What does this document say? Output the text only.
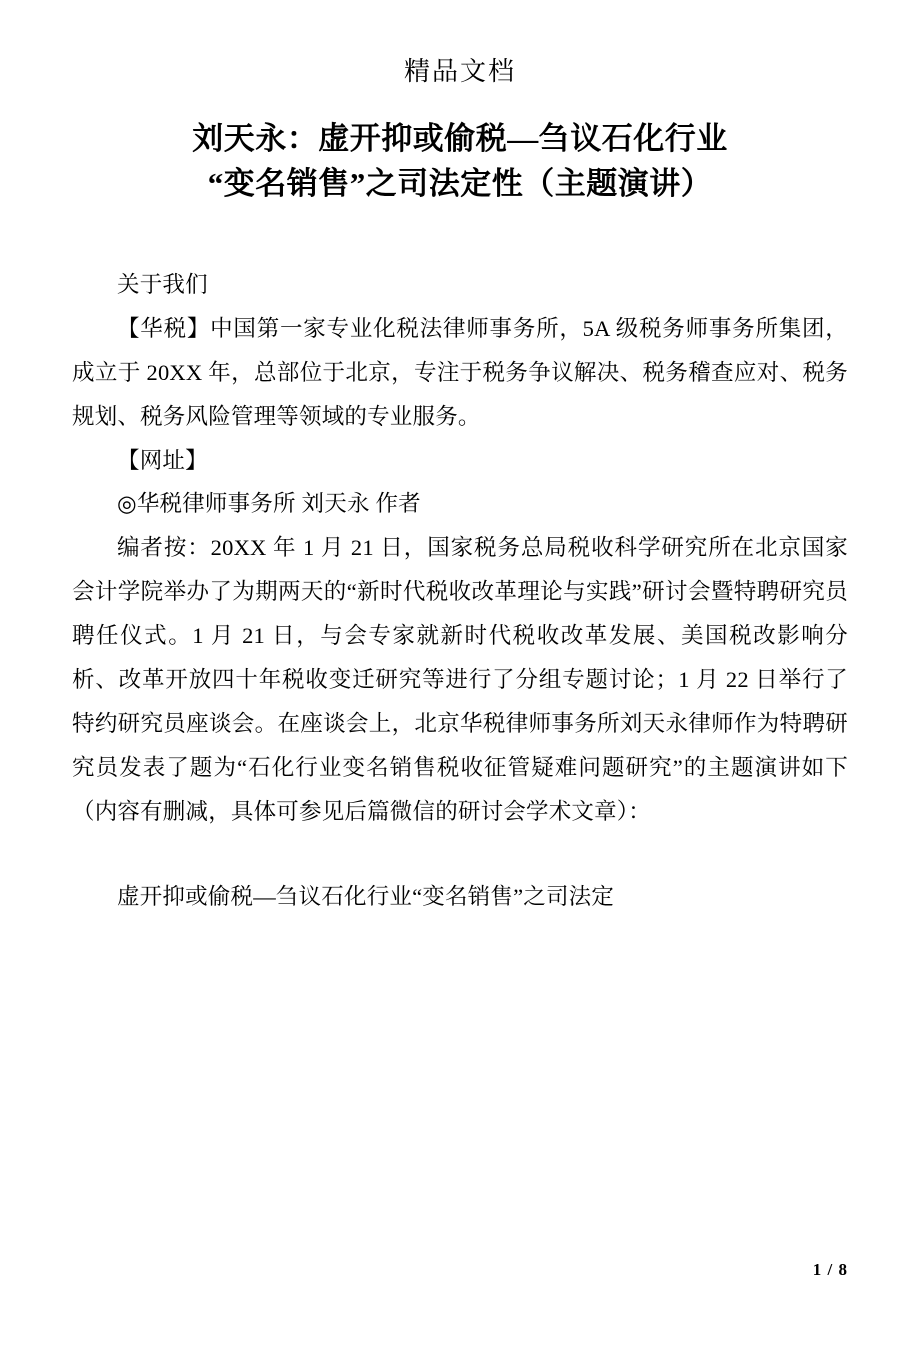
精品文档
刘天永：虚开抑或偷税—刍议石化行业
“变名销售”之司法定性（主题演讲）

关于我们

【华税】中国第一家专业化税法律师事务所，5A 级税务师事务所集团，成立于 20XX 年，总部位于北京，专注于税务争议解决、税务稽查应对、税务规划、税务风险管理等领域的专业服务。

【网址】

◎华税律师事务所 刘天永 作者

编者按：20XX 年 1 月 21 日，国家税务总局税收科学研究所在北京国家会计学院举办了为期两天的“新时代税收改革理论与实践”研讨会暨特聘研究员聘任仪式。1 月 21 日，与会专家就新时代税收改革发展、美国税改影响分析、改革开放四十年税收变迁研究等进行了分组专题讨论；1 月 22 日举行了特约研究员座谈会。在座谈会上，北京华税律师事务所刘天永律师作为特聘研究员发表了题为“石化行业变名销售税收征管疑难问题研究”的主题演讲如下（内容有删减，具体可参见后篇微信的研讨会学术文章）：

虚开抑或偷税—刍议石化行业“变名销售”之司法定

1 / 8
